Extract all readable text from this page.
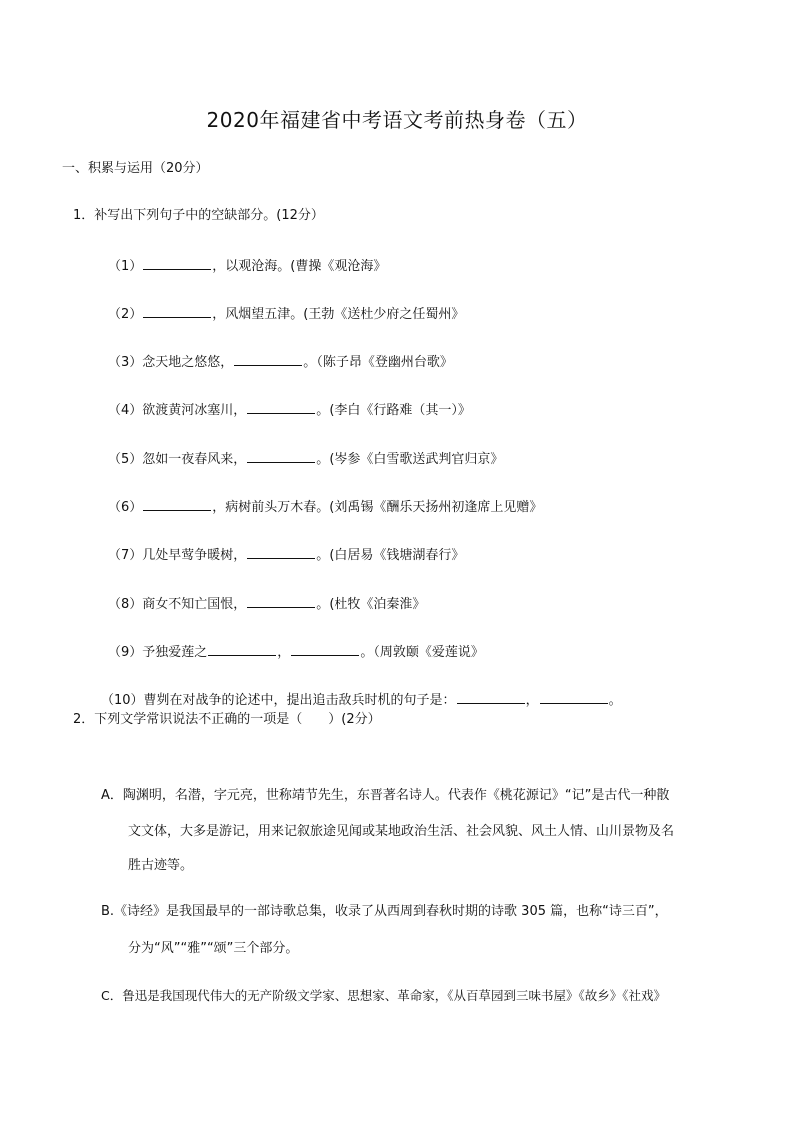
2020年福建省中考语文考前热身卷（五）
一、积累与运用（20分）
1．补写出下列句子中的空缺部分。(12分）
（1）	，以观沧海。(曹操《观沧海》
（2）	，风烟望五津。(王勃《送杜少府之任蜀州》
（3）念天地之悠悠，	。（陈子昂《登幽州台歌》
（4）欲渡黄河冰塞川，	。(李白《行路难（其一）》
（5）忽如一夜春风来，	。(岑参《白雪歌送武判官归京》
（6）	，病树前头万木春。(刘禹锡《酬乐天扬州初逢席上见赠》
（7）几处早莺争暖树，	。(白居易《钱塘湖春行》
（8）商女不知亡国恨，	。(杜牧《泊秦淮》
（9）予独爱莲之	，	。（周敦颐《爱莲说》
（10）曹刿在对战争的论述中，提出追击敌兵时机的句子是：	，	。
2．下列文学常识说法不正确的一项是（　　）(2分）
A．陶渊明，名潜，字元亮，世称靖节先生，东晋著名诗人。代表作《桃花源记》“记”是古代一种散
文文体，大多是游记，用来记叙旅途见闻或某地政治生活、社会风貌、风土人情、山川景物及名
胜古迹等。
B.《诗经》是我国最早的一部诗歌总集，收录了从西周到春秋时期的诗歌 305 篇，也称“诗三百”，
分为“风”“雅”“颂”三个部分。
C．鲁迅是我国现代伟大的无产阶级文学家、思想家、革命家，《从百草园到三味书屋》《故乡》《社戏》
